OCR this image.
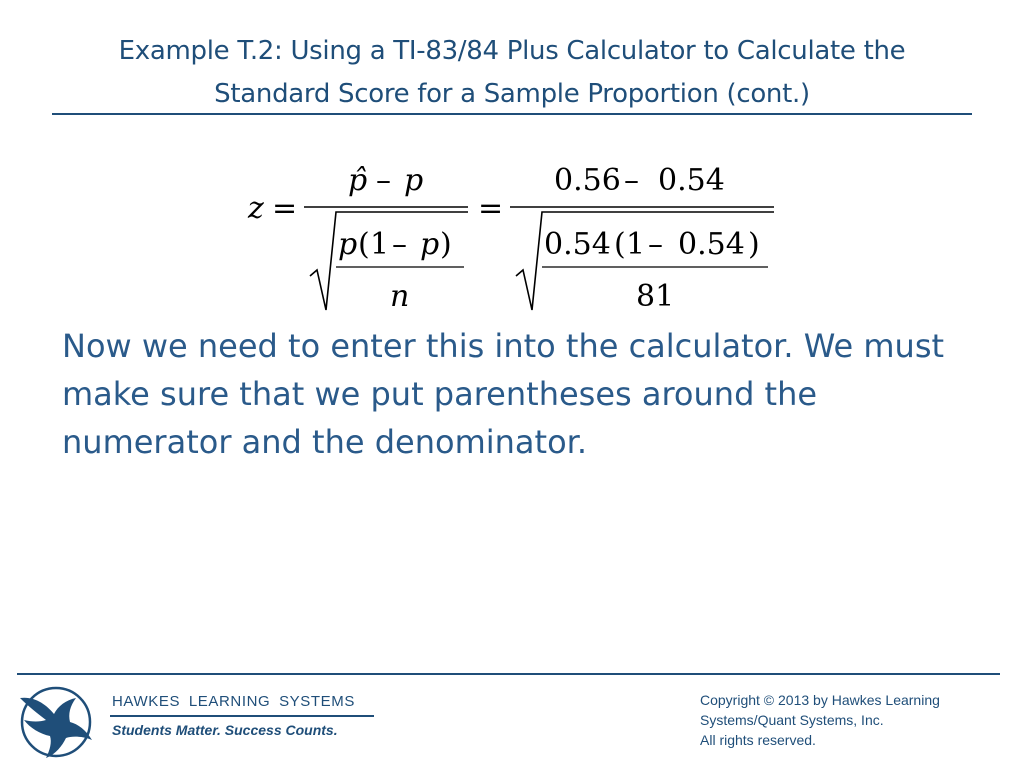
Example T.2: Using a TI-83/84 Plus Calculator to Calculate the
Standard Score for a Sample Proportion (cont.)
z =
p̂ – p
p ( 1 – p )
n
=
0.56 – 0.54
0.54 ( 1 – 0.54 )
81
Now we need to enter this into the calculator. We must make sure that we put parentheses around the numerator and the denominator.
HAWKES LEARNING SYSTEMS
Students Matter. Success Counts.
Copyright © 2013 by Hawkes Learning
Systems/Quant Systems, Inc.
All rights reserved.
